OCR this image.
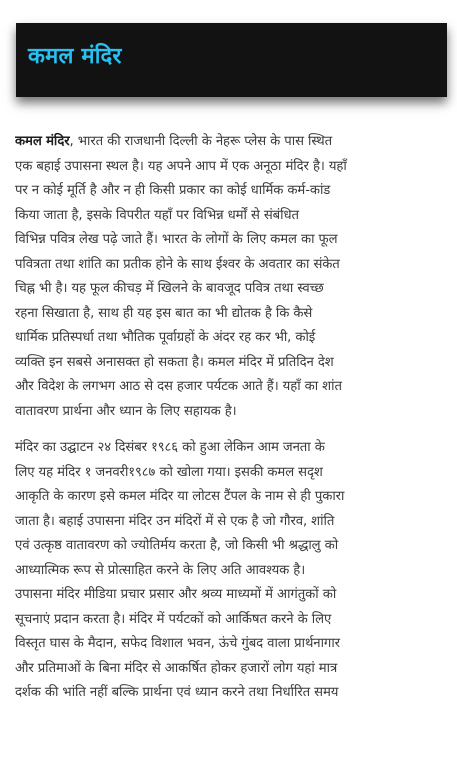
कमल मंदिर
कमल मंदिर, भारत की राजधानी दिल्ली के नेहरू प्लेस के पास स्थित
एक बहाई उपासना स्थल है। यह अपने आप में एक अनूठा मंदिर है। यहाँ
पर न कोई मूर्ति है और न ही किसी प्रकार का कोई धार्मिक कर्म-कांड
किया जाता है, इसके विपरीत यहाँ पर विभिन्न धर्मों से संबंधित
विभिन्न पवित्र लेख पढ़े जाते हैं। भारत के लोगों के लिए कमल का फूल
पवित्रता तथा शांति का प्रतीक होने के साथ ईश्वर के अवतार का संकेत
चिह्न भी है। यह फूल कीचड़ में खिलने के बावजूद पवित्र तथा स्वच्छ
रहना सिखाता है, साथ ही यह इस बात का भी द्योतक है कि कैसे
धार्मिक प्रतिस्पर्धा तथा भौतिक पूर्वाग्रहों के अंदर रह कर भी, कोई
व्यक्ति इन सबसे अनासक्त हो सकता है। कमल मंदिर में प्रतिदिन देश
और विदेश के लगभग आठ से दस हजार पर्यटक आते हैं। यहाँ का शांत
वातावरण प्रार्थना और ध्यान के लिए सहायक है।
मंदिर का उद्घाटन २४ दिसंबर १९८६ को हुआ लेकिन आम जनता के
लिए यह मंदिर १ जनवरी१९८७ को खोला गया। इसकी कमल सदृश
आकृति के कारण इसे कमल मंदिर या लोटस टैंपल के नाम से ही पुकारा
जाता है। बहाई उपासना मंदिर उन मंदिरों में से एक है जो गौरव, शांति
एवं उत्कृष्ठ वातावरण को ज्योतिर्मय करता है, जो किसी भी श्रद्धालु को
आध्यात्मिक रूप से प्रोत्साहित करने के लिए अति आवश्यक है।
उपासना मंदिर मीडिया प्रचार प्रसार और श्रव्य माध्यमों में आगंतुकों को
सूचनाएं प्रदान करता है। मंदिर में पर्यटकों को आर्किषत करने के लिए
विस्तृत घास के मैदान, सफेद विशाल भवन, ऊंचे गुंबद वाला प्रार्थनागार
और प्रतिमाओं के बिना मंदिर से आकर्षित होकर हजारों लोग यहां मात्र
दर्शक की भांति नहीं बल्कि प्रार्थना एवं ध्यान करने तथा निर्धारित समय
